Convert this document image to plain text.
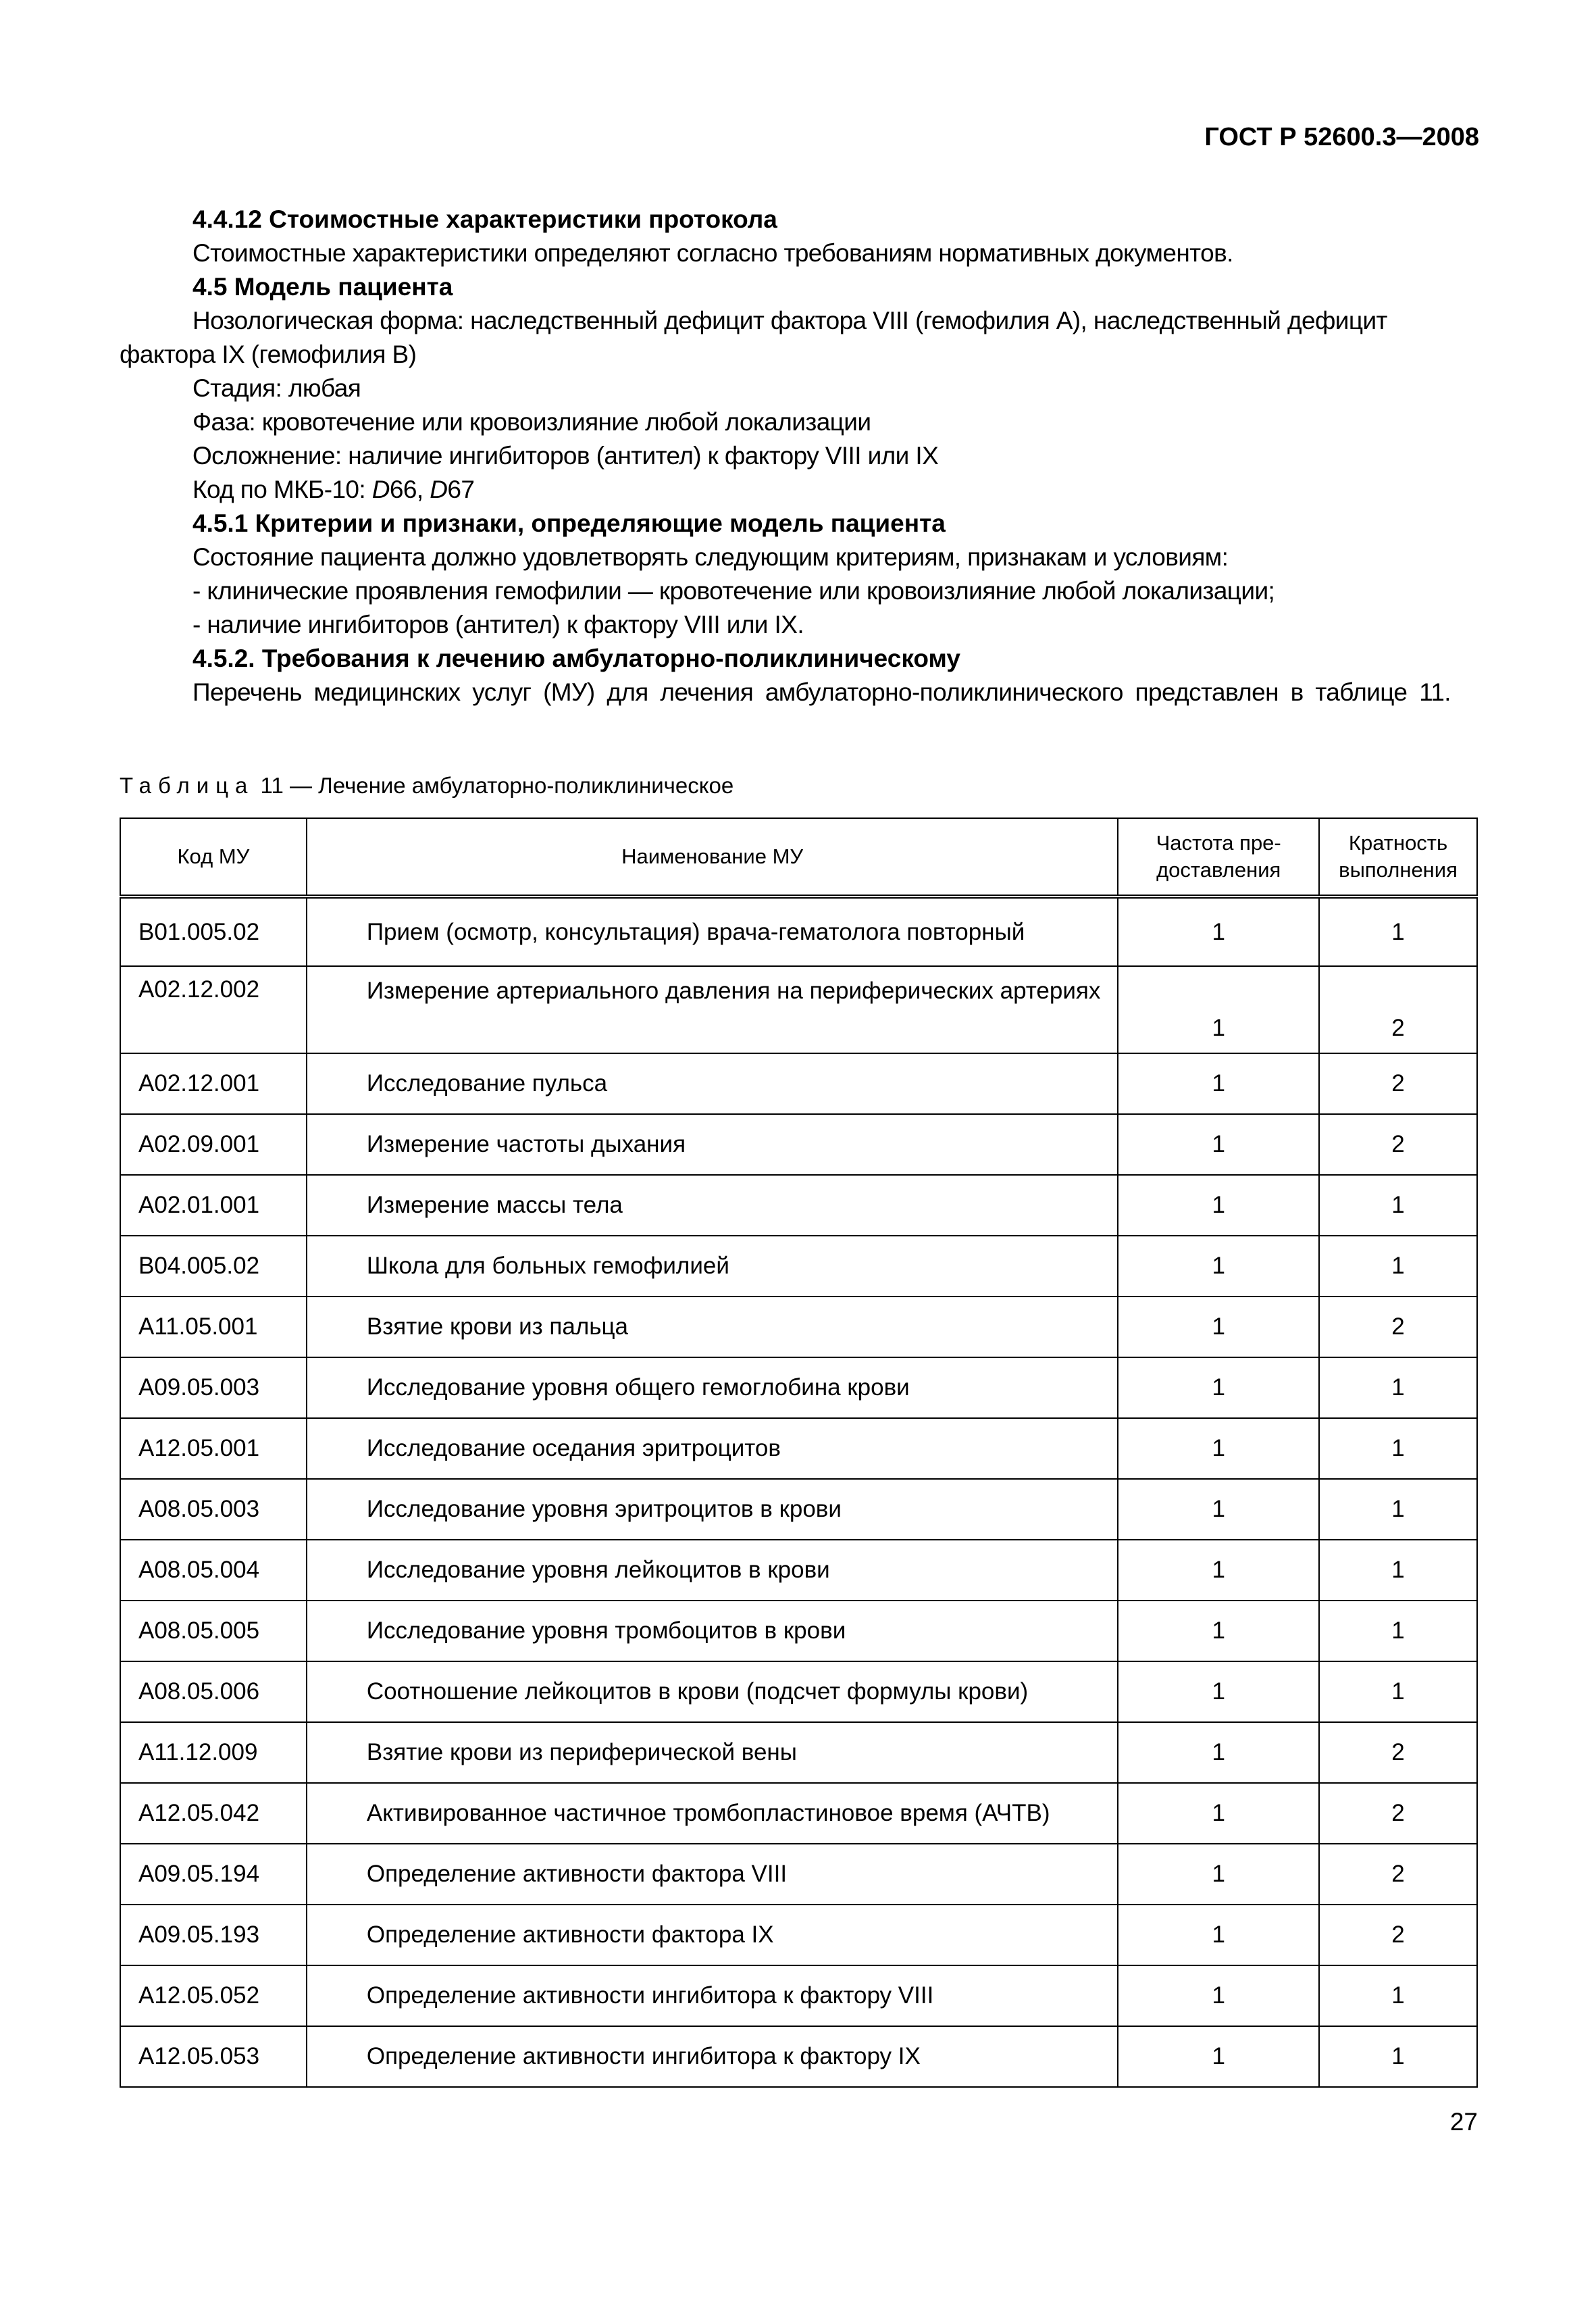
ГОСТ Р 52600.3—2008

4.4.12 Стоимостные характеристики протокола

Стоимостные характеристики определяют согласно требованиям нормативных документов.

4.5 Модель пациента

Нозологическая форма: наследственный дефицит фактора VIII (гемофилия А), наследственный дефицит фактора IX (гемофилия В)

Стадия: любая

Фаза: кровотечение или кровоизлияние любой локализации

Осложнение: наличие ингибиторов (антител) к фактору VIII или IX

Код по МКБ-10: D66, D67

4.5.1 Критерии и признаки, определяющие модель пациента

Состояние пациента должно удовлетворять следующим критериям, признакам и условиям:

- клинические проявления гемофилии — кровотечение или кровоизлияние любой локализации;

- наличие ингибиторов (антител) к фактору VIII или IX.

4.5.2. Требования к лечению амбулаторно-поликлиническому

Перечень медицинских услуг (МУ) для лечения амбулаторно-поликлинического представлен в таблице 11.

Таблица 11 — Лечение амбулаторно-поликлиническое
Код МУ	Наименование МУ	Частота пре-доставления	Кратность выполнения
B01.005.02	Прием (осмотр, консультация) врача-гематолога повторный	1	1
A02.12.002	Измерение артериального давления на периферических артериях	1	2
A02.12.001	Исследование пульса	1	2
A02.09.001	Измерение частоты дыхания	1	2
A02.01.001	Измерение массы тела	1	1
B04.005.02	Школа для больных гемофилией	1	1
A11.05.001	Взятие крови из пальца	1	2
A09.05.003	Исследование уровня общего гемоглобина крови	1	1
A12.05.001	Исследование оседания эритроцитов	1	1
A08.05.003	Исследование уровня эритроцитов в крови	1	1
A08.05.004	Исследование уровня лейкоцитов в крови	1	1
A08.05.005	Исследование уровня тромбоцитов в крови	1	1
A08.05.006	Соотношение лейкоцитов в крови (подсчет формулы крови)	1	1
A11.12.009	Взятие крови из периферической вены	1	2
A12.05.042	Активированное частичное тромбопластиновое время (АЧТВ)	1	2
A09.05.194	Определение активности фактора VIII	1	2
A09.05.193	Определение активности фактора IX	1	2
A12.05.052	Определение активности ингибитора к фактору VIII	1	1
A12.05.053	Определение активности ингибитора к фактору IX	1	1
27
